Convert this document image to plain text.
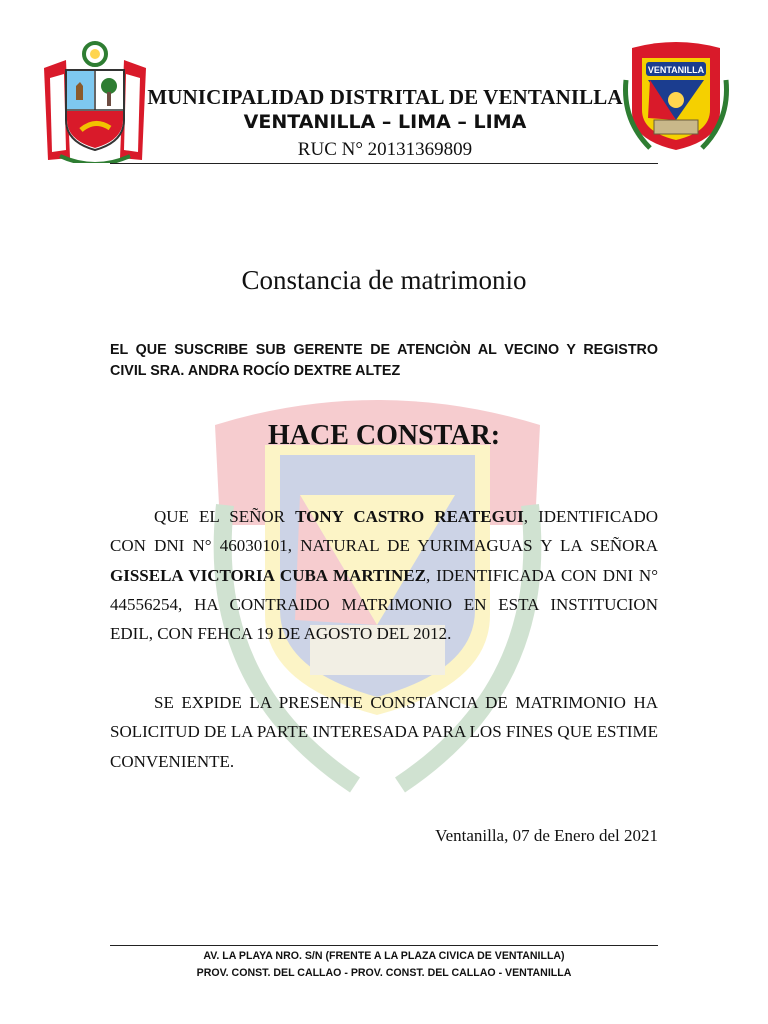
VENTANILLA
MUNICIPALIDAD DISTRITAL DE VENTANILLA
VENTANILLA – LIMA – LIMA
RUC N° 20131369809
Constancia de matrimonio
EL QUE SUSCRIBE SUB GERENTE DE ATENCIÒN AL VECINO Y REGISTRO CIVIL SRA. ANDRA ROCÍO DEXTRE ALTEZ
HACE CONSTAR:
QUE EL SEÑOR TONY CASTRO REATEGUI, IDENTIFICADO CON DNI N° 46030101, NATURAL DE YURIMAGUAS Y LA SEÑORA GISSELA VICTORIA CUBA MARTINEZ, IDENTIFICADA CON DNI N° 44556254, HA CONTRAIDO MATRIMONIO EN ESTA INSTITUCION EDIL, CON FEHCA 19 DE AGOSTO DEL 2012.
SE EXPIDE LA PRESENTE CONSTANCIA DE MATRIMONIO HA SOLICITUD DE LA PARTE INTERESADA PARA LOS FINES QUE ESTIME CONVENIENTE.
Ventanilla, 07 de Enero del 2021
AV. LA PLAYA NRO. S/N (FRENTE A LA PLAZA CIVICA DE VENTANILLA)
PROV. CONST. DEL CALLAO - PROV. CONST. DEL CALLAO - VENTANILLA
